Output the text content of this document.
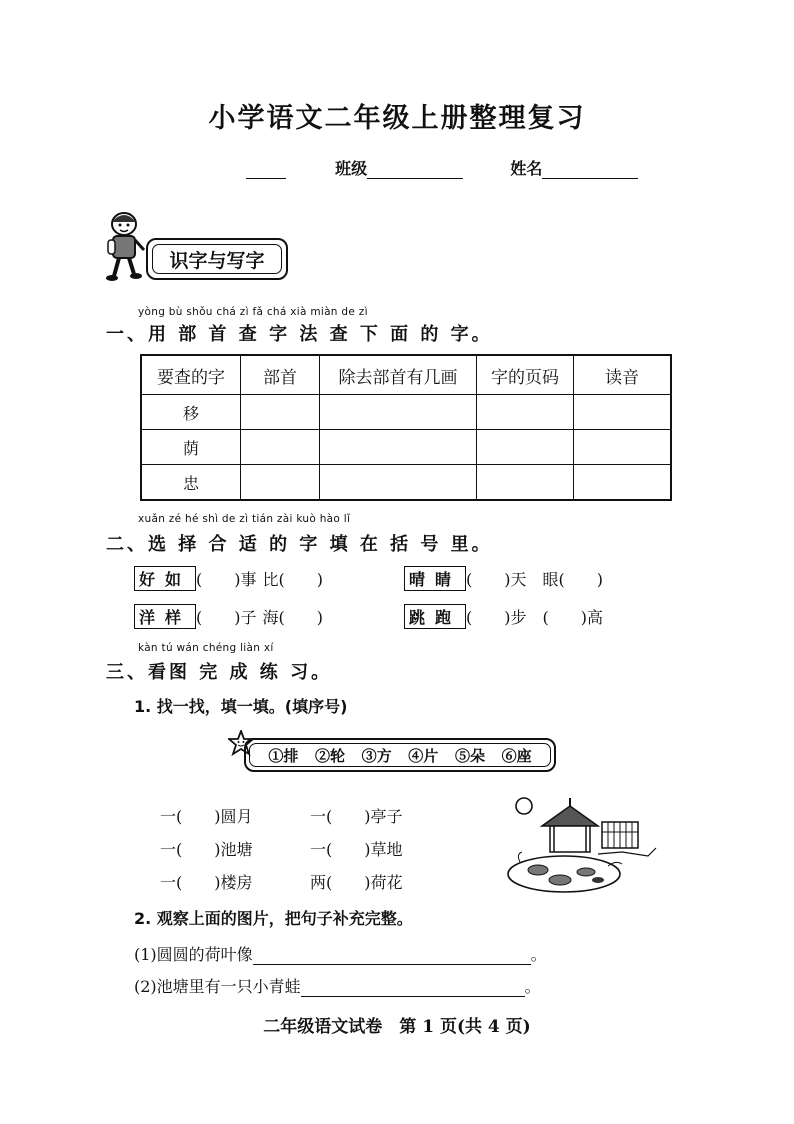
小学语文二年级上册整理复习
班级	姓名
识字与写字
yòng bù shǒu chá zì fǎ chá xià miàn de zì
一、用 部 首 查 字 法 查 下 面 的 字。
要查的字	部首	除去部首有几画	字的页码	读音
移				
荫				
忠				
xuǎn zé hé shì de zì tián zài kuò hào lǐ
二、选 择 合 适 的 字 填 在 括 号 里。
好如 (　　)事 比(　　)	晴睛 (　　)天 眼(　　)
洋样 (　　)子 海(　　)	跳跑 (　　)步 (　　)高
kàn tú wán chéng liàn xí
三、看图 完 成 练 习。
1. 找一找，填一填。(填序号)
①排 ②轮 ③方 ④片 ⑤朵 ⑥座
一(　　)圆月	一(　　)亭子
一(　　)池塘	一(　　)草地
一(　　)楼房	两(　　)荷花
2. 观察上面的图片，把句子补充完整。
(1)圆圆的荷叶像	。
(2)池塘里有一只小青蛙	。
二年级语文试卷　第 1 页(共 4 页)
